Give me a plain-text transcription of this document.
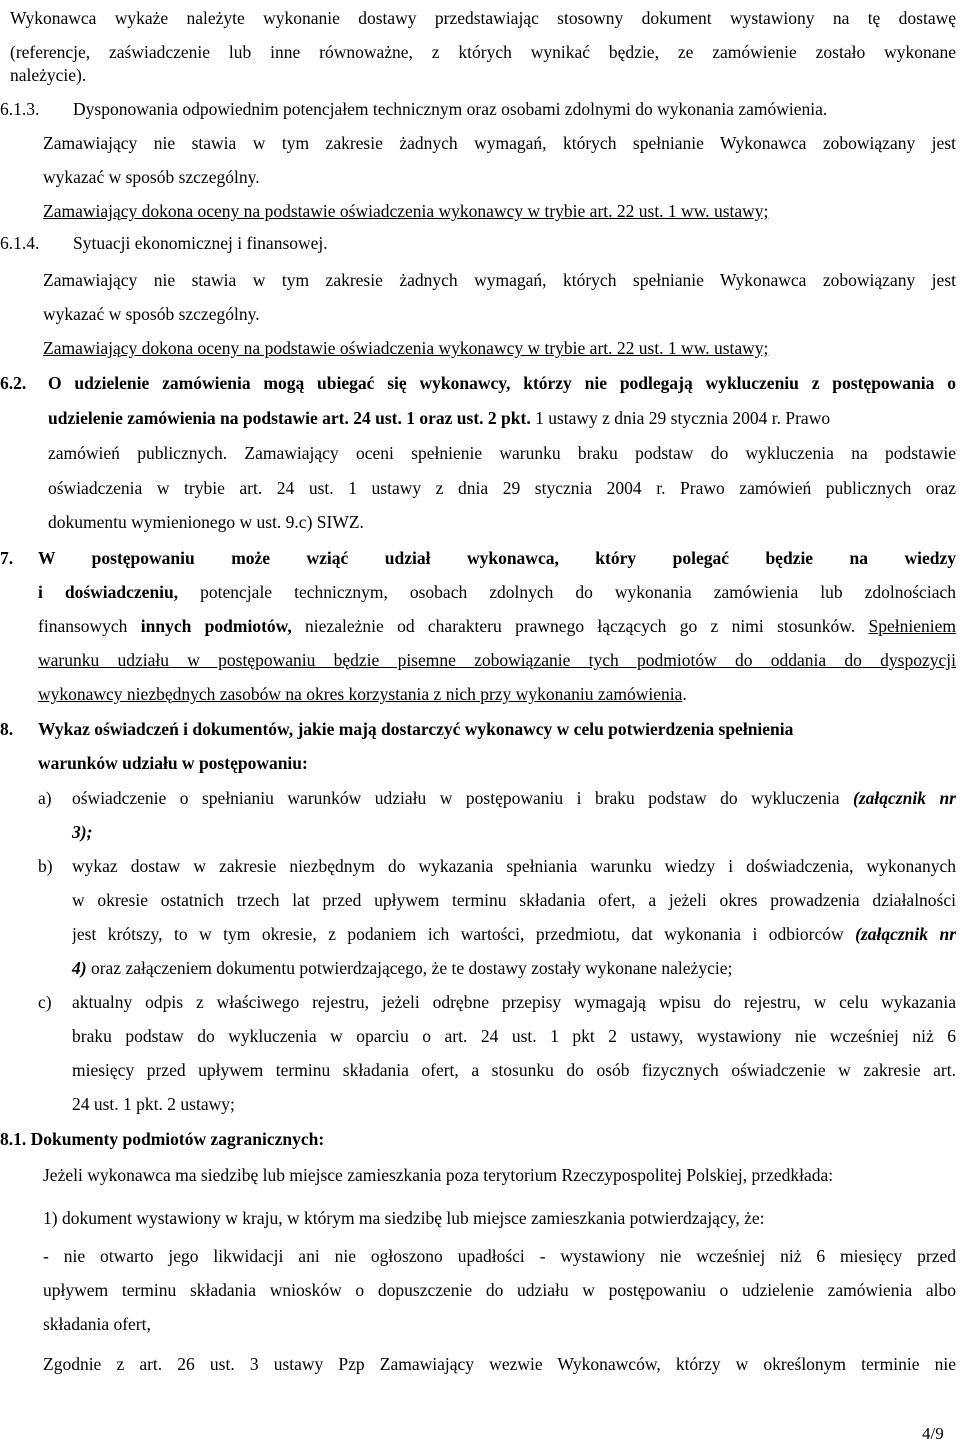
Wykonawca wykaże należyte wykonanie dostawy przedstawiając stosowny dokument wystawiony na tę dostawę
(referencje, zaświadczenie lub inne równoważne, z których wynikać będzie, ze zamówienie zostało wykonane
należycie).
6.1.3. Dysponowania odpowiednim potencjałem technicznym oraz osobami zdolnymi do wykonania zamówienia.
Zamawiający nie stawia w tym zakresie żadnych wymagań, których spełnianie Wykonawca zobowiązany jest
wykazać w sposób szczególny.
Zamawiający dokona oceny na podstawie oświadczenia wykonawcy w trybie art. 22 ust. 1 ww. ustawy;
6.1.4. Sytuacji ekonomicznej i finansowej.
Zamawiający nie stawia w tym zakresie żadnych wymagań, których spełnianie Wykonawca zobowiązany jest
wykazać w sposób szczególny.
Zamawiający dokona oceny na podstawie oświadczenia wykonawcy w trybie art. 22 ust. 1 ww. ustawy;
6.2.	O udzielenie zamówienia mogą ubiegać się wykonawcy, którzy nie podlegają wykluczeniu z postępowania o
udzielenie zamówienia na podstawie art. 24 ust. 1 oraz ust. 2 pkt. 1 ustawy z dnia 29 stycznia 2004 r. Prawo
zamówień publicznych. Zamawiający oceni spełnienie warunku braku podstaw do wykluczenia na podstawie
oświadczenia w trybie art. 24 ust. 1 ustawy z dnia 29 stycznia 2004 r. Prawo zamówień publicznych oraz
dokumentu wymienionego w ust. 9.c) SIWZ.
7.	W postępowaniu może wziąć udział wykonawca, który polegać będzie na wiedzy
i doświadczeniu, potencjale technicznym, osobach zdolnych do wykonania zamówienia lub zdolnościach
finansowych innych podmiotów, niezależnie od charakteru prawnego łączących go z nimi stosunków. Spełnieniem
warunku udziału w postępowaniu będzie pisemne zobowiązanie tych podmiotów do oddania do dyspozycji
wykonawcy niezbędnych zasobów na okres korzystania z nich przy wykonaniu zamówienia.
8.	Wykaz oświadczeń i dokumentów, jakie mają dostarczyć wykonawcy w celu potwierdzenia spełnienia
warunków udziału w postępowaniu:
a) oświadczenie o spełnianiu warunków udziału w postępowaniu i braku podstaw do wykluczenia (załącznik nr
3);
b) wykaz dostaw w zakresie niezbędnym do wykazania spełniania warunku wiedzy i doświadczenia, wykonanych
w okresie ostatnich trzech lat przed upływem terminu składania ofert, a jeżeli okres prowadzenia działalności
jest krótszy, to w tym okresie, z podaniem ich wartości, przedmiotu, dat wykonania i odbiorców (załącznik nr
4) oraz załączeniem dokumentu potwierdzającego, że te dostawy zostały wykonane należycie;
c) aktualny odpis z właściwego rejestru, jeżeli odrębne przepisy wymagają wpisu do rejestru, w celu wykazania
braku podstaw do wykluczenia w oparciu o art. 24 ust. 1 pkt 2 ustawy, wystawiony nie wcześniej niż 6
miesięcy przed upływem terminu składania ofert, a stosunku do osób fizycznych oświadczenie w zakresie art.
24 ust. 1 pkt. 2 ustawy;
8.1. Dokumenty podmiotów zagranicznych:
Jeżeli wykonawca ma siedzibę lub miejsce zamieszkania poza terytorium Rzeczypospolitej Polskiej, przedkłada:
1) dokument wystawiony w kraju, w którym ma siedzibę lub miejsce zamieszkania potwierdzający, że:
- nie otwarto jego likwidacji ani nie ogłoszono upadłości - wystawiony nie wcześniej niż 6 miesięcy przed
upływem terminu składania wniosków o dopuszczenie do udziału w postępowaniu o udzielenie zamówienia albo
składania ofert,
Zgodnie z art. 26 ust. 3 ustawy Pzp Zamawiający wezwie Wykonawców, którzy w określonym terminie nie
4/9
